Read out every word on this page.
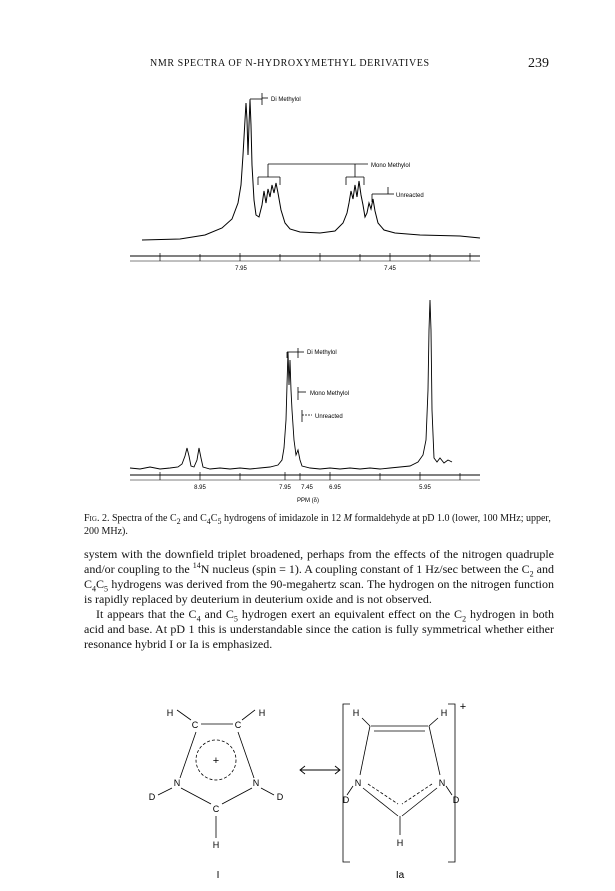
NMR SPECTRA OF N-HYDROXYMETHYL DERIVATIVES	239
Di Methylol
Mono Methylol
Unreacted
7.95	7.45
Di Methylol
Mono Methylol
Unreacted
8.95	7.95 7.45	6.95	5.95
PPM (δ)
Fig. 2. Spectra of the $C_2$ and $C_4C_5$ hydrogens of imidazole in 12 M formaldehyde at pD 1.0 (lower, 100 MHz; upper, 200 MHz).

system with the downfield triplet broadened, perhaps from the effects of the nitrogen quadruple and/or coupling to the $^{14}$N nucleus (spin = 1). A coupling constant of 1 Hz/sec between the $C_2$ and $C_4C_5$ hydrogens was derived from the 90-megahertz scan. The hydrogen on the nitrogen function is rapidly replaced by deuterium in deuterium oxide and is not observed.

It appears that the $C_4$ and $C_5$ hydrogen exert an equivalent effect on the $C_2$ hydrogen in both acid and base. At pD 1 this is understandable since the cation is fully symmetrical whether either resonance hybrid I or Ia is emphasized.

H	H
C	C
N	N
D	D
C
H
+
H	H
N	N
D	D
H
+
I	Ia
